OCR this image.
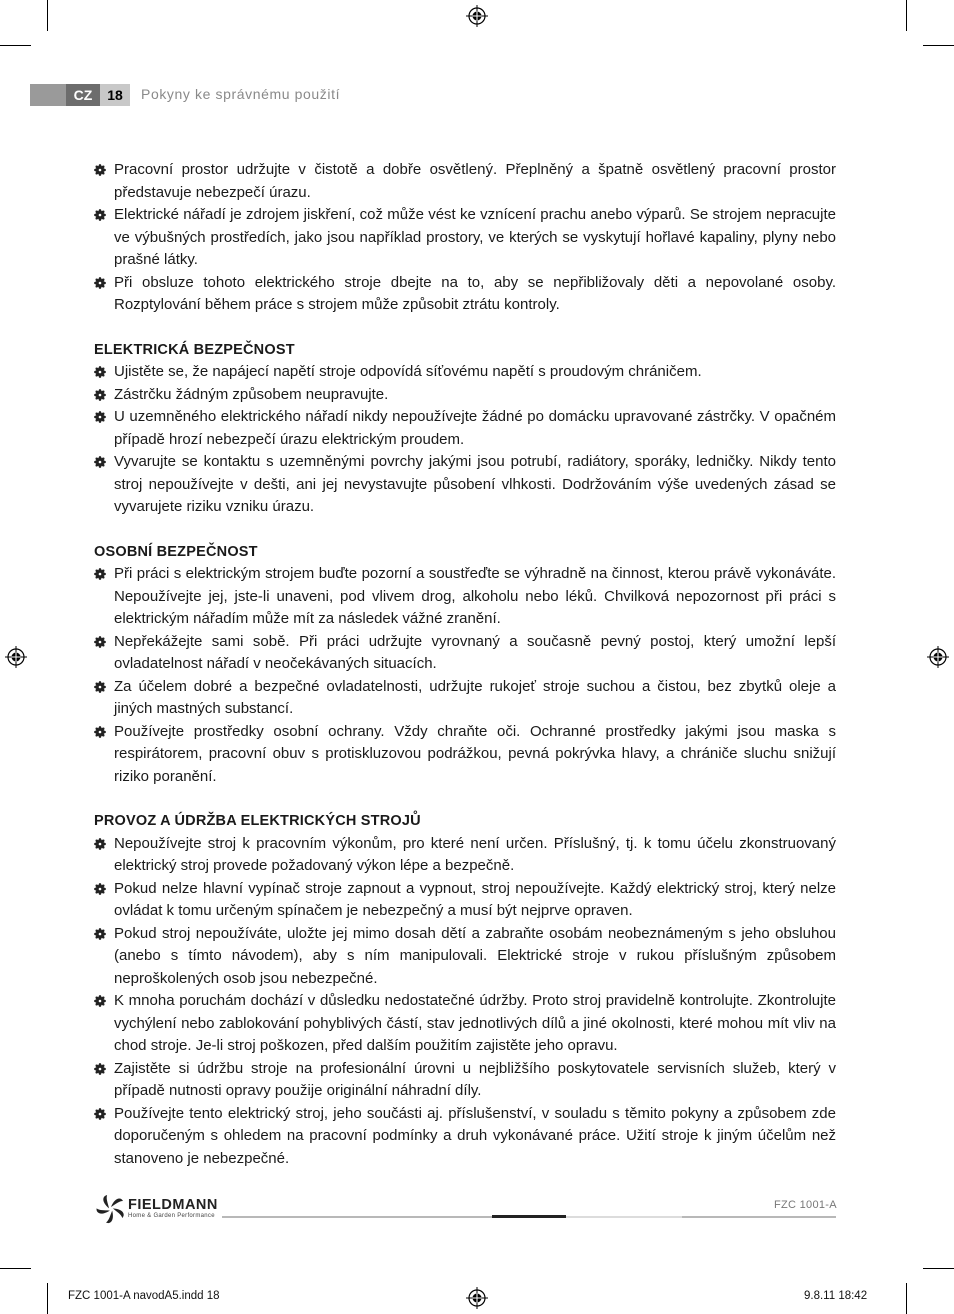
CZ	18	Pokyny ke správnému použití
Pracovní prostor udržujte v čistotě a dobře osvětlený. Přeplněný a špatně osvětlený pracovní prostor představuje nebezpečí úrazu.
Elektrické nářadí je zdrojem jiskření, což může vést ke vznícení prachu anebo výparů. Se strojem nepracujte ve výbušných prostředích, jako jsou například prostory, ve kterých se vyskytují hořlavé kapaliny, plyny nebo prašné látky.
Při obsluze tohoto elektrického stroje dbejte na to, aby se nepřibližovaly děti a nepovolané osoby. Rozptylování během práce s strojem může způsobit ztrátu kontroly.
ELEKTRICKÁ BEZPEČNOST
Ujistěte se, že napájecí napětí stroje odpovídá síťovému napětí s proudovým chráničem.
Zástrčku žádným způsobem neupravujte.
U uzemněného elektrického nářadí nikdy nepoužívejte žádné po domácku upravované zástrčky. V opačném případě hrozí nebezpečí úrazu elektrickým proudem.
Vyvarujte se kontaktu s uzemněnými povrchy jakými jsou potrubí, radiátory, sporáky, ledničky. Nikdy tento stroj nepoužívejte v dešti, ani jej nevystavujte působení vlhkosti. Dodržováním výše uvedených zásad se vyvarujete riziku vzniku úrazu.
OSOBNÍ BEZPEČNOST
Při práci s elektrickým strojem buďte pozorní a soustřeďte se výhradně na činnost, kterou právě vykonáváte. Nepoužívejte jej, jste-li unaveni, pod vlivem drog, alkoholu nebo léků. Chvilková nepozornost při práci s elektrickým nářadím může mít za následek vážné zranění.
Nepřekážejte sami sobě. Při práci udržujte vyrovnaný a současně pevný postoj, který umožní lepší ovladatelnost nářadí v neočekávaných situacích.
Za účelem dobré a bezpečné ovladatelnosti, udržujte rukojeť stroje suchou a čistou, bez zbytků oleje a jiných mastných substancí.
Používejte prostředky osobní ochrany. Vždy chraňte oči. Ochranné prostředky jakými jsou maska s respirátorem, pracovní obuv s protiskluzovou podrážkou, pevná pokrývka hlavy, a chrániče sluchu snižují riziko poranění.
PROVOZ A ÚDRŽBA ELEKTRICKÝCH STROJŮ
Nepoužívejte stroj k pracovním výkonům, pro které není určen. Příslušný, tj. k tomu účelu zkonstruovaný elektrický stroj provede požadovaný výkon lépe a bezpečně.
Pokud nelze hlavní vypínač stroje zapnout a vypnout, stroj nepoužívejte. Každý elektrický stroj, který nelze ovládat k tomu určeným spínačem je nebezpečný a musí být nejprve opraven.
Pokud stroj nepoužíváte, uložte jej mimo dosah dětí a zabraňte osobám neobeznámeným s jeho obsluhou (anebo s tímto návodem), aby s ním manipulovali. Elektrické stroje v rukou příslušným způsobem neproškolených osob jsou nebezpečné.
K mnoha poruchám dochází v důsledku nedostatečné údržby. Proto stroj pravidelně kontrolujte. Zkontrolujte vychýlení nebo zablokování pohyblivých částí, stav jednotlivých dílů a jiné okolnosti, které mohou mít vliv na chod stroje. Je-li stroj poškozen, před dalším použitím zajistěte jeho opravu.
Zajistěte si údržbu stroje na profesionální úrovni u nejbližšího poskytovatele servisních služeb, který v případě nutnosti opravy použije originální náhradní díly.
Používejte tento elektrický stroj, jeho součásti aj. příslušenství, v souladu s těmito pokyny a způsobem zde doporučeným s ohledem na pracovní podmínky a druh vykonávané práce. Užití stroje k jiným účelům než stanoveno je nebezpečné.
FIELDMANN
Home & Garden Performance
FZC 1001-A
FZC 1001-A navodA5.indd 18	9.8.11 18:42
